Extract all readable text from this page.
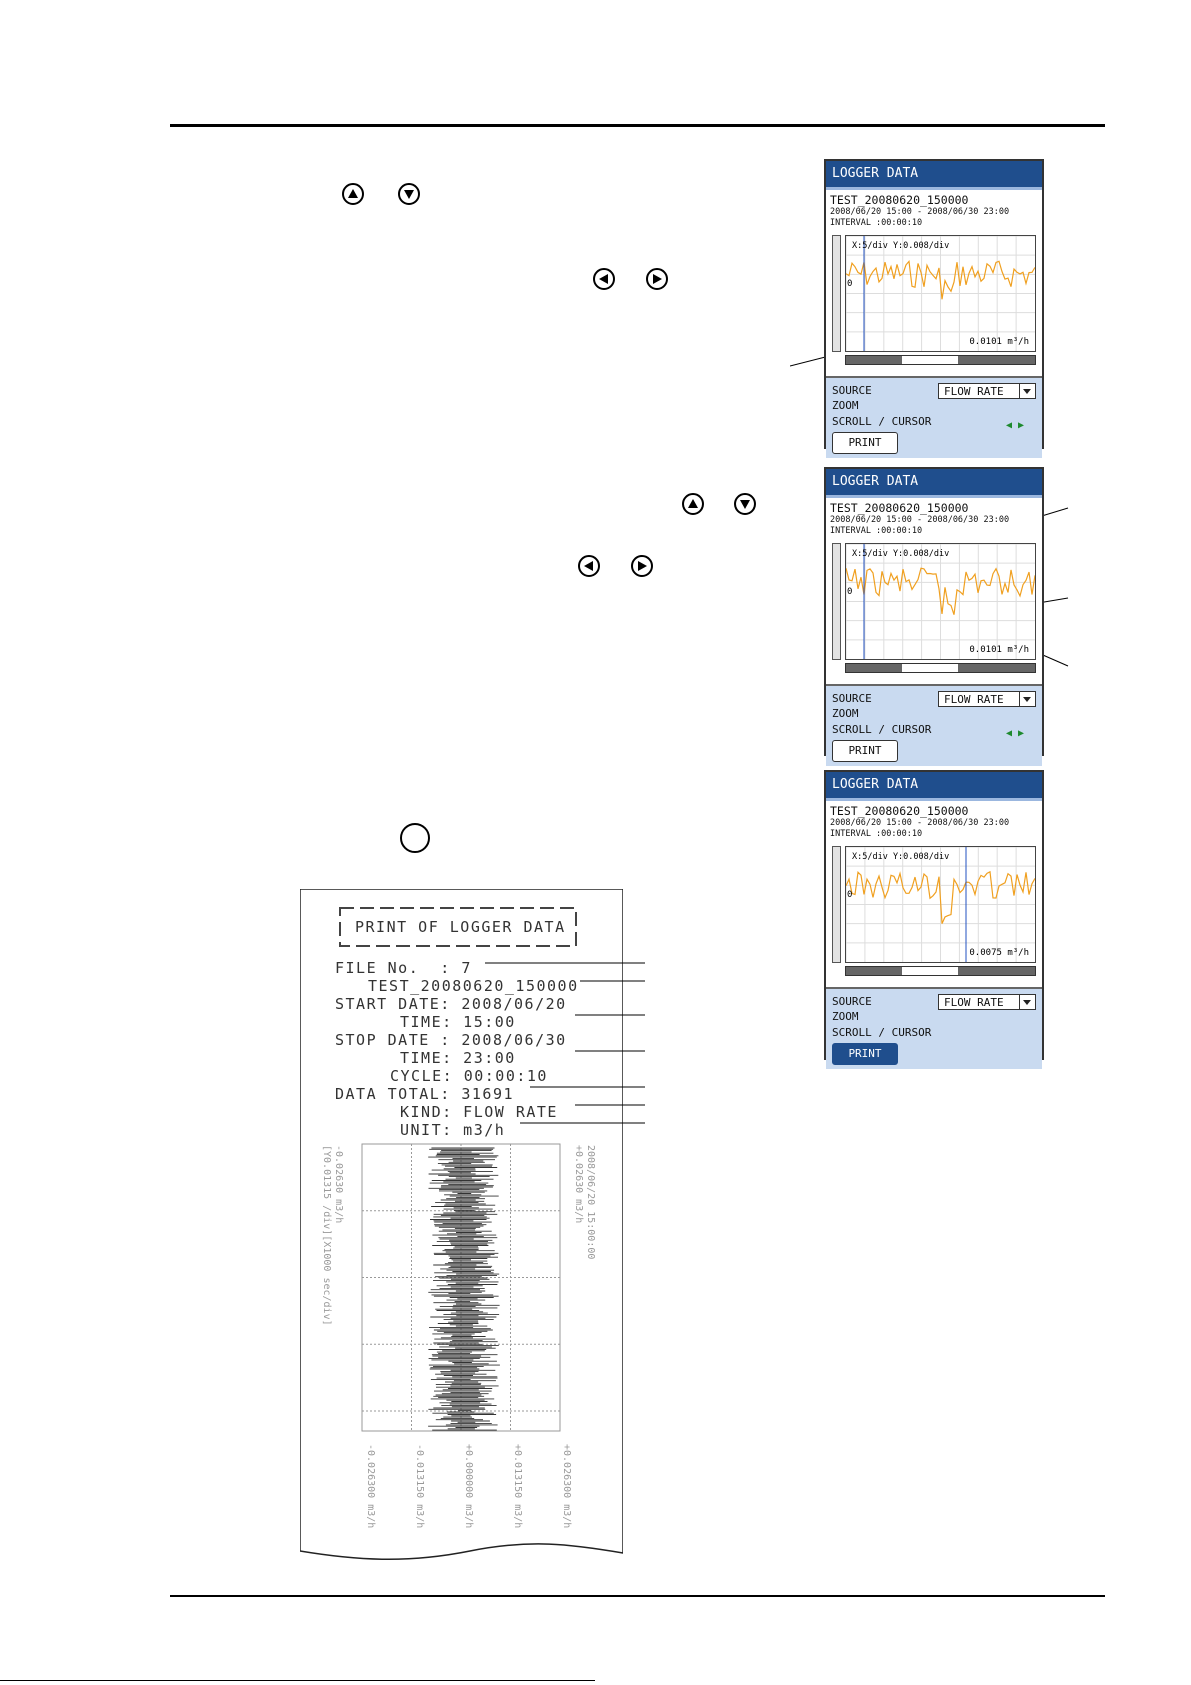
LOGGER DATA
TEST_20080620_150000
2008/06/20 15:00 - 2008/06/30 23:00
INTERVAL :00:00:10
X:5/div Y:0.008/div
0
0.0101 m³/h
SOURCE	FLOW RATE
ZOOM
SCROLL / CURSOR	◀▶
PRINT
LOGGER DATA
TEST_20080620_150000
2008/06/20 15:00 - 2008/06/30 23:00
INTERVAL :00:00:10
X:5/div Y:0.008/div
0
0.0101 m³/h
SOURCE	FLOW RATE
ZOOM
SCROLL / CURSOR	◀▶
PRINT
LOGGER DATA
TEST_20080620_150000
2008/06/20 15:00 - 2008/06/30 23:00
INTERVAL :00:00:10
X:5/div Y:0.008/div
0
0.0075 m³/h
SOURCE	FLOW RATE
ZOOM
SCROLL / CURSOR
PRINT
PRINT OF LOGGER DATA
FILE No.  : 7
TEST_20080620_150000
START DATE: 2008/06/20
TIME: 15:00
STOP DATE : 2008/06/30
TIME: 23:00
CYCLE: 00:00:10
DATA TOTAL: 31691
KIND: FLOW RATE
UNIT: m3/h
-0.02630 m3/h
[Y0.01315 /div][X1000 sec/div]	2008/06/20 15:00:00
+0.02630 m3/h
-0.026300 m3/h	-0.013150 m3/h	+0.000000 m3/h	+0.013150 m3/h	+0.026300 m3/h
